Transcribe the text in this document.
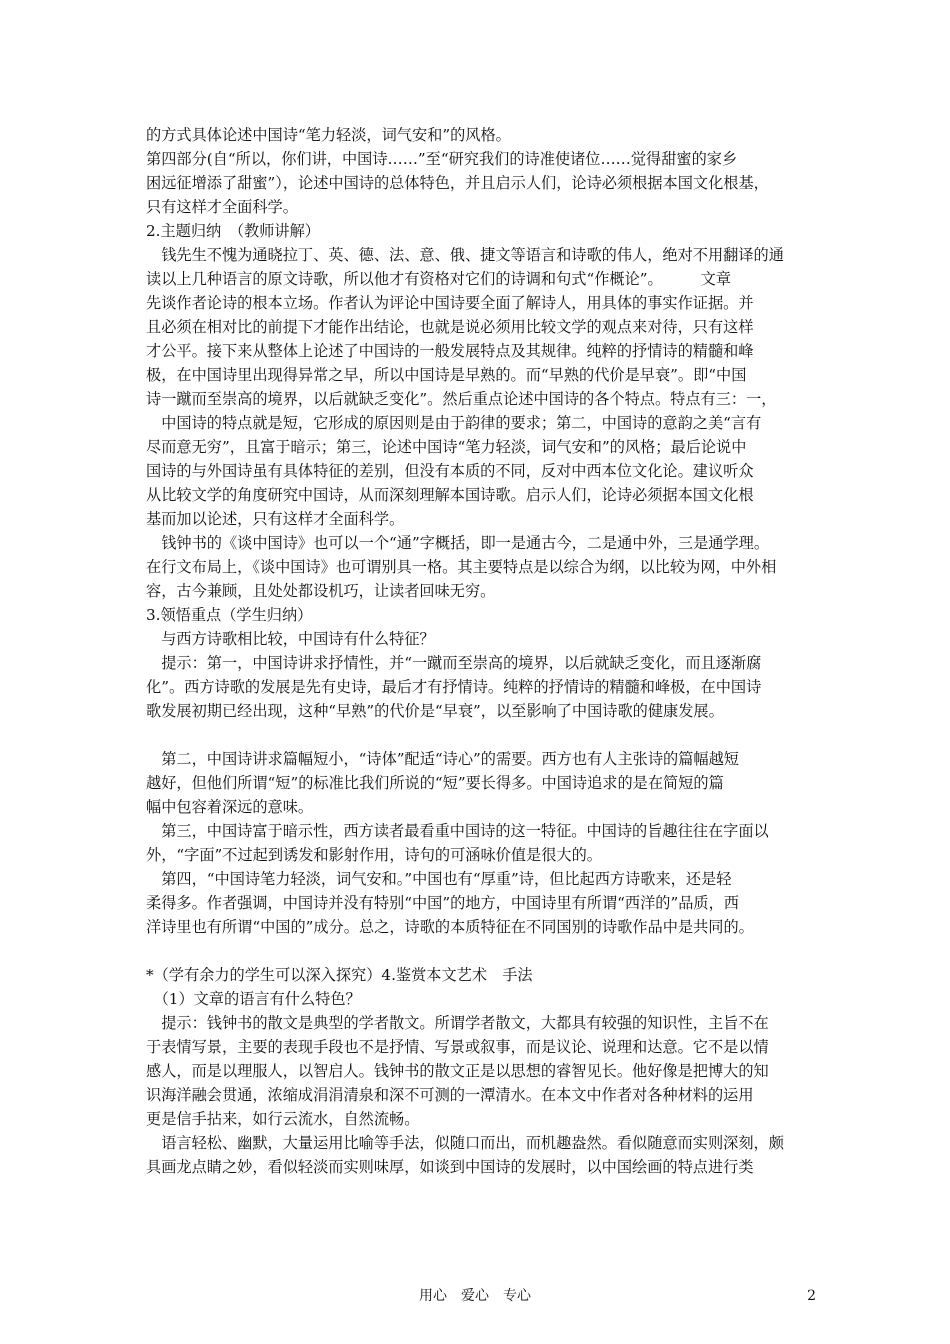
的方式具体论述中国诗“笔力轻淡，词气安和”的风格。
第四部分(自“所以，你们讲，中国诗……”至“研究我们的诗准使诸位……觉得甜蜜的家乡
困远征增添了甜蜜”），论述中国诗的总体特色，并且启示人们，论诗必须根据本国文化根基，
只有这样才全面科学。
2.主题归纳　（教师讲解）
　钱先生不愧为通晓拉丁、英、德、法、意、俄、捷文等语言和诗歌的伟人，绝对不用翻译的通
读以上几种语言的原文诗歌，所以他才有资格对它们的诗调和句式“作概论”。　　　文章
先谈作者论诗的根本立场。作者认为评论中国诗要全面了解诗人，用具体的事实作证据。并
且必须在相对比的前提下才能作出结论，也就是说必须用比较文学的观点来对待，只有这样
才公平。接下来从整体上论述了中国诗的一般发展特点及其规律。纯粹的抒情诗的精髓和峰
极，在中国诗里出现得异常之早，所以中国诗是早熟的。而“早熟的代价是早衰”。即“中国
诗一蹴而至崇高的境界，以后就缺乏变化”。然后重点论述中国诗的各个特点。特点有三：一，
　中国诗的特点就是短，它形成的原因则是由于韵律的要求；第二，中国诗的意韵之美“言有
尽而意无穷”，且富于暗示；第三，论述中国诗“笔力轻淡，词气安和”的风格；最后论说中
国诗的与外国诗虽有具体特征的差别，但没有本质的不同，反对中西本位文化论。建议听众
从比较文学的角度研究中国诗，从而深刻理解本国诗歌。启示人们，论诗必须据本国文化根
基而加以论述，只有这样才全面科学。
　钱钟书的《谈中国诗》也可以一个“通”字概括，即一是通古今，二是通中外，三是通学理。
在行文布局上，《谈中国诗》也可谓别具一格。其主要特点是以综合为纲，以比较为网，中外相
容，古今兼顾，且处处都设机巧，让读者回味无穷。
3.领悟重点（学生归纳）
　与西方诗歌相比较，中国诗有什么特征？
　提示：第一，中国诗讲求抒情性，并“一蹴而至崇高的境界，以后就缺乏变化，而且逐渐腐
化”。西方诗歌的发展是先有史诗，最后才有抒情诗。纯粹的抒情诗的精髓和峰极，在中国诗
歌发展初期已经出现，这种“早熟”的代价是“早衰”，以至影响了中国诗歌的健康发展。
　第二，中国诗讲求篇幅短小，“诗体”配适“诗心”的需要。西方也有人主张诗的篇幅越短
越好，但他们所谓“短”的标准比我们所说的“短”要长得多。中国诗追求的是在简短的篇
幅中包容着深远的意味。
　第三，中国诗富于暗示性，西方读者最看重中国诗的这一特征。中国诗的旨趣往往在字面以
外，“字面”不过起到诱发和影射作用，诗句的可涵咏价值是很大的。
　第四，“中国诗笔力轻淡，词气安和。”中国也有“厚重”诗，但比起西方诗歌来，还是轻
柔得多。作者强调，中国诗并没有特别“中国”的地方，中国诗里有所谓“西洋的”品质，西
洋诗里也有所谓“中国的”成分。总之，诗歌的本质特征在不同国别的诗歌作品中是共同的。
*（学有余力的学生可以深入探究）4.鉴赏本文艺术　手法
　（1）文章的语言有什么特色？
　提示：钱钟书的散文是典型的学者散文。所谓学者散文，大都具有较强的知识性，主旨不在
于表情写景，主要的表现手段也不是抒情、写景或叙事，而是议论、说理和达意。它不是以情
感人，而是以理服人，以智启人。钱钟书的散文正是以思想的睿智见长。他好像是把博大的知
识海洋融会贯通，浓缩成涓涓清泉和深不可测的一潭清水。在本文中作者对各种材料的运用
更是信手拈来，如行云流水，自然流畅。
　语言轻松、幽默，大量运用比喻等手法，似随口而出，而机趣盎然。看似随意而实则深刻，颇
具画龙点睛之妙，看似轻淡而实则味厚，如谈到中国诗的发展时，以中国绘画的特点进行类
用心　爱心　专心	2
